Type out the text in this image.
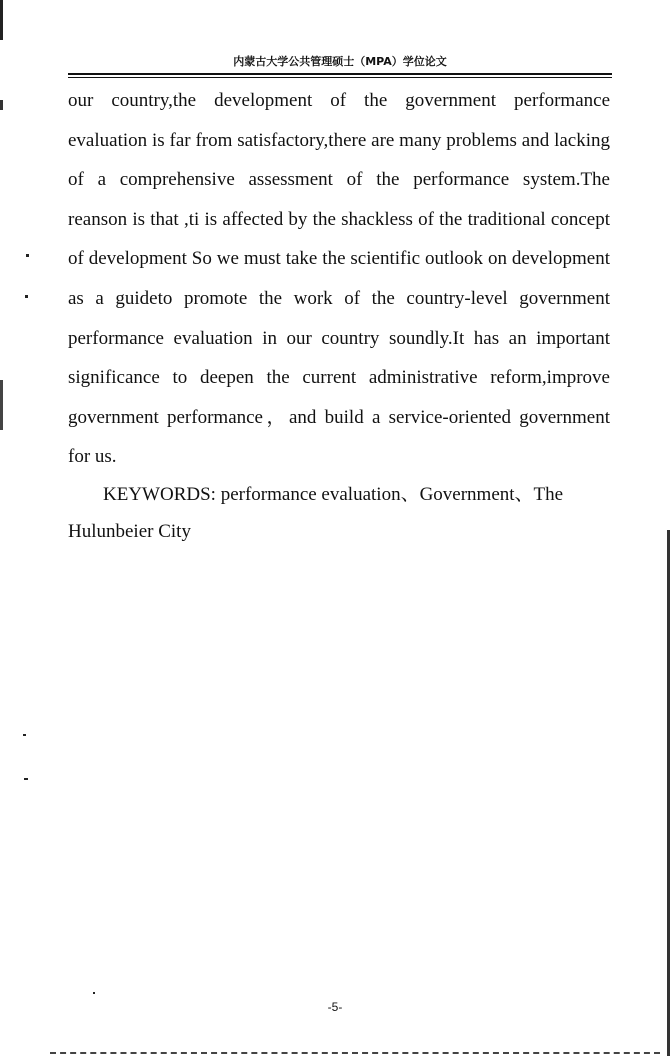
内蒙古大学公共管理硕士（MPA）学位论文
our country,the development of the government performance evaluation is far from satisfactory,there are many problems and lacking of a comprehensive assessment of the performance system.The reanson is that ,ti is affected by the shackless of the traditional concept of development So we must take the scientific outlook on development as a guideto promote the work of the country-level government performance evaluation in our country soundly.It has an important significance to deepen the current administrative reform,improve government performance，and build a service-oriented government for us.
KEYWORDS: performance evaluation、Government、The Hulunbeier City
-5-
